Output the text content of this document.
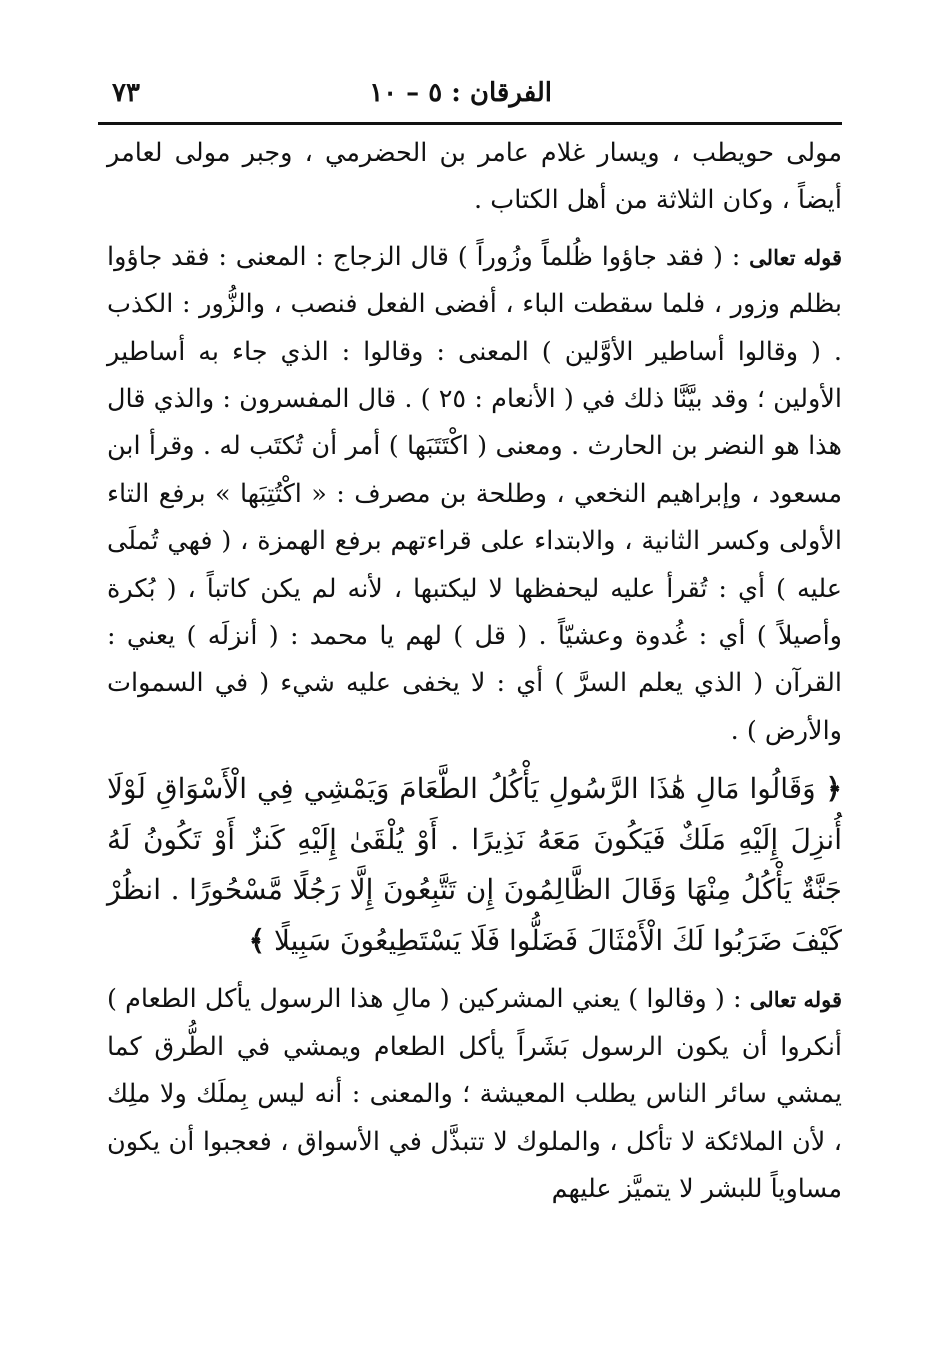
الفرقان : ٥ – ١٠
٧٣

مولى حويطب ، ويسار غلام عامر بن الحضرمي ، وجبر مولى لعامر أيضاً ، وكان الثلاثة من أهل الكتاب .

قوله تعالى : ( فقد جاؤوا ظُلماً وزُوراً ) قال الزجاج : المعنى : فقد جاؤوا بظلم وزور ، فلما سقطت الباء ، أفضى الفعل فنصب ، والزُّور : الكذب . ( وقالوا أساطير الأوَّلين ) المعنى : وقالوا : الذي جاء به أساطير الأولين ؛ وقد بيَّنَّا ذلك في ( الأنعام : ٢٥ ) . قال المفسرون : والذي قال هذا هو النضر بن الحارث . ومعنى ( اكْتَتَبَها ) أمر أن تُكتَب له . وقرأ ابن مسعود ، وإبراهيم النخعي ، وطلحة بن مصرف : « اكْتُتِبَها » برفع التاء الأولى وكسر الثانية ، والابتداء على قراءتهم برفع الهمزة ، ( فهي تُملَى عليه ) أي : تُقرأ عليه ليحفظها لا ليكتبها ، لأنه لم يكن كاتباً ، ( بُكرة وأصيلاً ) أي : غُدوة وعشيّاً . ( قل ) لهم يا محمد : ( أنزلَه ) يعني : القرآن ( الذي يعلم السرَّ ) أي : لا يخفى عليه شيء ( في السموات والأرض ) .

﴿ وَقَالُوا مَالِ هَٰذَا الرَّسُولِ يَأْكُلُ الطَّعَامَ وَيَمْشِي فِي الْأَسْوَاقِ لَوْلَا أُنزِلَ إِلَيْهِ مَلَكٌ فَيَكُونَ مَعَهُ نَذِيرًا . أَوْ يُلْقَىٰ إِلَيْهِ كَنزٌ أَوْ تَكُونُ لَهُ جَنَّةٌ يَأْكُلُ مِنْهَا وَقَالَ الظَّالِمُونَ إِن تَتَّبِعُونَ إِلَّا رَجُلًا مَّسْحُورًا . انظُرْ كَيْفَ ضَرَبُوا لَكَ الْأَمْثَالَ فَضَلُّوا فَلَا يَسْتَطِيعُونَ سَبِيلًا ﴾

قوله تعالى : ( وقالوا ) يعني المشركين ( مالِ هذا الرسول يأكل الطعام ) أنكروا أن يكون الرسول بَشَراً يأكل الطعام ويمشي في الطُّرق كما يمشي سائر الناس يطلب المعيشة ؛ والمعنى : أنه ليس بِملَك ولا ملِك ، لأن الملائكة لا تأكل ، والملوك لا تتبذَّل في الأسواق ، فعجبوا أن يكون مساوياً للبشر لا يتميَّز عليهم
